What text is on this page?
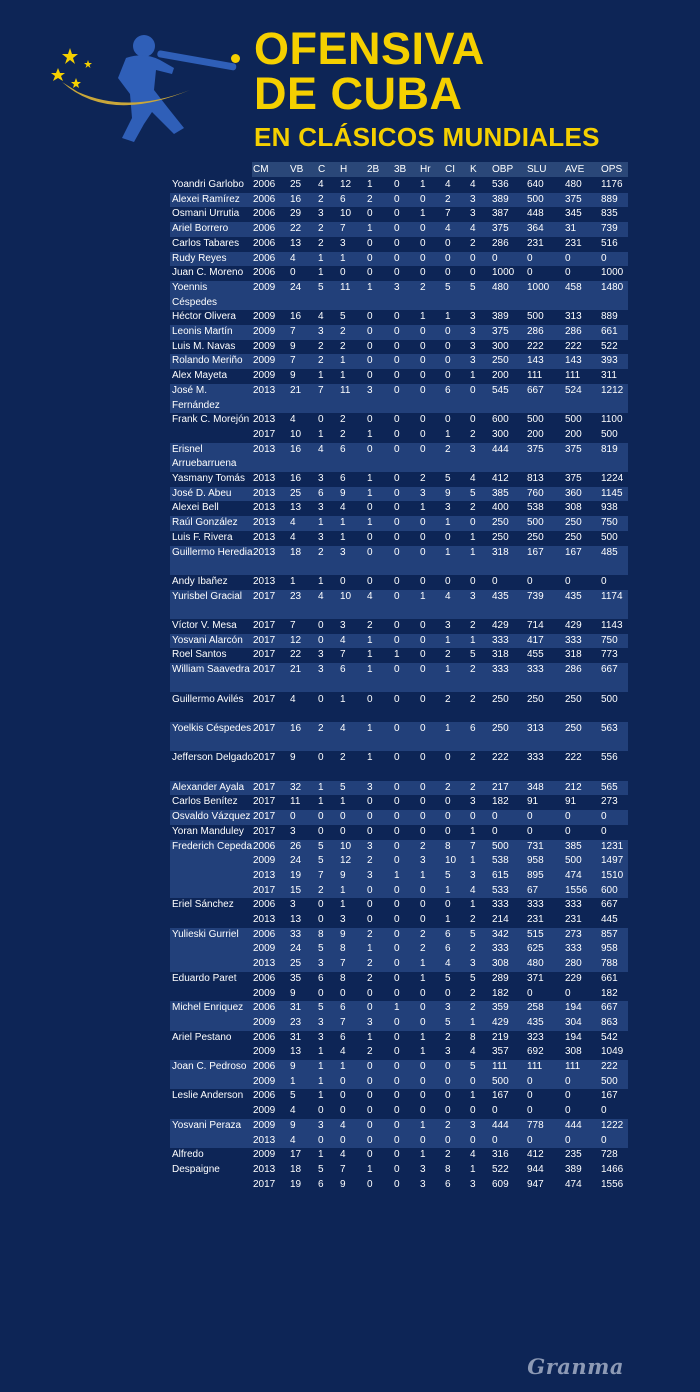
OFENSIVA
DE CUBA
EN CLÁSICOS MUNDIALES
CM VB C H 2B 3B Hr CI K OBP SLU AVE OPS
Yoandri Garlobo 2006 25 4 12 1 0 1 4 4 536 640 480 1176
Alexei Ramírez	2006 16 2 6 2 0 0 2 3 389 500 375 889
Osmani Urrutia	2006 29 3 10 0 0 1 7 3 387 448 345 835
Ariel Borrero	2006 22 2 7 1 0 0 4 4 375 364 31 739
Carlos Tabares	2006 13 2 3 0 0 0 0 2 286 231 231 516
Rudy Reyes	2006 4 1 1 0 0 0 0 0 0	0	0	0
Juan C. Moreno 2006 0 1 0 0 0 0 0 0 1000 0	0	1000
Yoennis Céspedes
2009 24 5 11 1 3 2 5 5 480 1000 458 1480
Héctor Olivera	2009 16 4 5 0 0 1 1 3 389 500 313 889
Leonis Martín	2009 7 3 2 0 0 0 0 3 375 286 286 661
Luis M. Navas	2009 9 2 2 0 0 0 0 3 300 222 222 522
Rolando Meriño	2009 7 2 1 0 0 0 0 3 250 143 143 393
Alex Mayeta	2009 9 1 1 0 0 0 0 1 200 111 111 311
José M. Fernández
2013 21 7 11 3 0 0 6 0 545 667 524 1212
Frank C. Morejón 2013 4 0 2 0 0 0 0 0 600 500 500 1100
2017 10 1 2 1 0 0 1 2 300 200 200 500
Erisnel Arruebarruena
2013 16 4 6 0 0 0 2 3 444 375 375 819
Yasmany Tomás 2013 16 3 6 1 0 2 5 4 412 813 375 1224
José D. Abeu	2013 25 6 9 1 0 3 9 5 385 760 360 1145
Alexei Bell	2013 13 3 4 0 0 1 3 2 400 538 308 938
Raúl González	2013 4 1 1 1 0 0 1 0 250 500 250 750
Luis F. Rivera	2013 4 3 1 0 0 0 0 1 250 250 250 500
Guillermo Heredia 2013 18 2 3 0 0 0 1 1 318 167 167 485
Andy Ibañez	2013 1 1 0 0 0 0 0 0 0	0	0	0
Yurisbel Gracial	2017 23 4 10 4 0 1 4 3 435 739 435 1174
Víctor V. Mesa	2017 7 0 3 2 0 0 3 2 429 714 429 1143
Yosvani Alarcón	2017 12 0 4 1 0 0 1 1 333 417 333 750
Roel Santos	2017 22 3 7 1 1 0 2 5 318 455 318 773
William Saavedra 2017 21 3 6 1 0 0 1 2 333 333 286 667
Guillermo Avilés 2017 4 0 1 0 0 0 2 2 250 250 250 500
Yoelkis Céspedes 2017 16 2 4 1 0 0 1 6 250 313 250 563
Jefferson Delgado 2017 9 0 2 1 0 0 0 2 222 333 222 556
Alexander Ayala 2017 32 1 5 3 0 0 2 2 217 348 212 565
Carlos Benítez	2017 11 1 1 0 0 0 0 3 182 91	91 273
Osvaldo Vázquez 2017 0 0 0 0 0 0 0 0 0	0	0	0
Yoran Manduley 2017 3 0 0 0 0 0 0 1 0	0	0	0
Frederich Cepeda 2006 26 5 10 3 0 2 8 7 500 731 385 1231
2009 24 5 12 2 0 3 10 1 538 958 500 1497
2013 19 7 9 3 1 1 5 3 615 895 474 1510
2017 15 2 1 0 0 0 1 4 533 67	1556 600
Eriel Sánchez	2006 3 0 1 0 0 0 0 1 333 333 333 667
2013 13 0 3 0 0 0 1 2 214 231 231 445
Yulieski Gurriel	2006 33 8 9 2 0 2 6 5 342 515 273 857
2009 24 5 8 1 0 2 6 2 333 625 333 958
2013 25 3 7 2 0 1 4 3 308 480 280 788
Eduardo Paret	2006 35 6 8 2 0 1 5 5 289 371 229 661
2009 9 0 0 0 0 0 0 2 182 0	0	182
Michel Enriquez 2006 31 5 6 0 1 0 3 2 359 258 194 667
2009 23 3 7 3 0 0 5 1 429 435 304 863
Ariel Pestano	2006 31 3 6 1 0 1 2 8 219 323 194 542
2009 13 1 4 2 0 1 3 4 357 692 308 1049
Joan C. Pedroso 2006 9 1 1 0 0 0 0 5 111 111 111 222
2009 1 1 0 0 0 0 0 0 500 0	0	500
Leslie Anderson 2006 5 1 0 0 0 0 0 1 167 0	0	167
2009 4 0 0 0 0 0 0 0 0	0	0	0
Yosvani Peraza	2009 9 3 4 0 0 1 2 3 444 778 444 1222
2013 4 0 0 0 0 0 0 0 0	0	0	0
Alfredo Despaigne
2009 17 1 4 0 0 1 2 4 316 412 235 728
2013 18 5 7 1 0 3 8 1 522 944 389 1466
2017 19 6 9 0 0 3 6 3 609 947 474 1556
Granma
